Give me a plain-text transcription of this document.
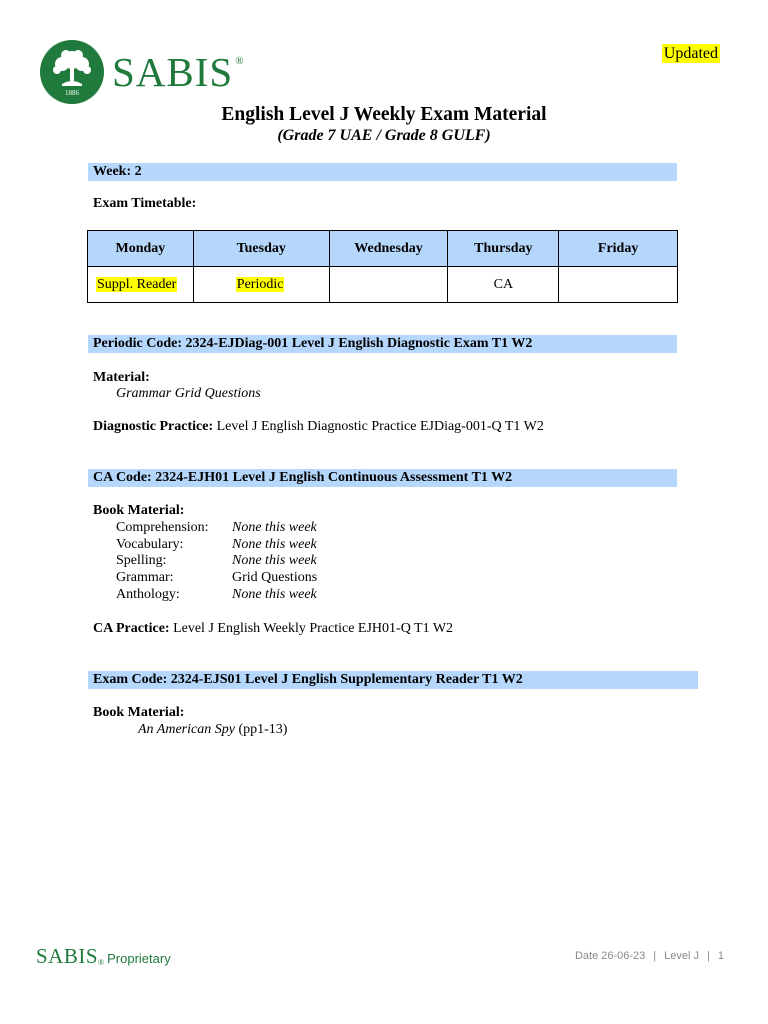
1886 SABIS ®	Updated
English Level J Weekly Exam Material
(Grade 7 UAE / Grade 8 GULF)
Week: 2
Exam Timetable:
Monday	Tuesday	Wednesday	Thursday	Friday
Suppl. Reader	Periodic		CA	
Periodic Code: 2324-EJDiag-001 Level J English Diagnostic Exam T1 W2
Material:
Grammar Grid Questions
Diagnostic Practice: Level J English Diagnostic Practice EJDiag-001-Q T1 W2
CA Code: 2324-EJH01 Level J English Continuous Assessment T1 W2
Book Material:
Comprehension:	None this week
Vocabulary:	None this week
Spelling:	None this week
Grammar:	Grid Questions
Anthology:	None this week
CA Practice: Level J English Weekly Practice EJH01-Q T1 W2
Exam Code: 2324-EJS01 Level J English Supplementary Reader T1 W2
Book Material:
An American Spy (pp1-13)
SABIS® Proprietary	Date 26-06-23 | Level J | 1
